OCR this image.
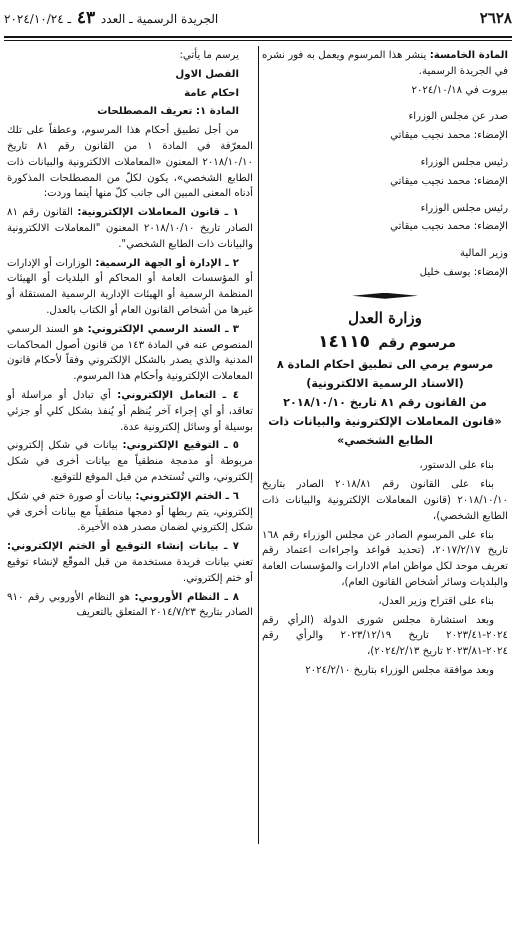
٢٦٢٨
الجريدة الرسمية ـ العدد ٤٣ ـ ٢٠٢٤/١٠/٢٤

المادة الخامسة: ينشر هذا المرسوم ويعمل به فور نشره في الجريدة الرسمية.

بيروت في ٢٠٢٤/١٠/١٨

صدر عن مجلس الوزراء

الإمضاء: محمد نجيب ميقاتي

رئيس مجلس الوزراء

الإمضاء: محمد نجيب ميقاتي

رئيس مجلس الوزراء

الإمضاء: محمد نجيب ميقاتي

وزير المالية

الإمضاء: يوسف خليل

وزارة العدل
مرسوم رقم ١٤١١٥
مرسوم يرمي الى تطبيق احكام المادة ٨
(الاسناد الرسمية الالكترونية)
من القانون رقم ٨١ تاريخ ٢٠١٨/١٠/١٠
«قانون المعاملات الإلكترونية والبيانات ذات
الطابع الشخصي»

بناء على الدستور،

بناء على القانون رقم ٢٠١٨/٨١ الصادر بتاريخ ٢٠١٨/١٠/١٠ (قانون المعاملات الإلكترونية والبيانات ذات الطابع الشخصي)،

بناء على المرسوم الصادر عن مجلس الوزراء رقم ١٦٨ تاريخ ٢٠١٧/٢/١٧، (تحديد قواعد واجراءات اعتماد رقم تعريف موحد لكل مواطن امام الادارات والمؤسسات العامة والبلديات وسائر أشخاص القانون العام)،

بناء على اقتراح وزير العدل،

وبعد استشارة مجلس شورى الدولة (الرأي رقم ٢٠٢٤-٢٠٢٣/٤١ تاريخ ٢٠٢٣/١٢/١٩ والرأي رقم ٢٠٢٤-٢٠٢٣/٨١ تاريخ ٢٠٢٤/٢/١٣)،

وبعد موافقة مجلس الوزراء بتاريخ ٢٠٢٤/٢/١٠

يرسم ما يأتي:

الفصل الاول

احكام عامة

المادة ١: تعريف المصطلحات

من أجل تطبيق أحكام هذا المرسوم، وعطفاً على تلك المعرّفة في المادة ١ من القانون رقم ٨١ تاريخ ٢٠١٨/١٠/١٠ المعنون «المعاملات الالكترونية والبيانات ذات الطابع الشخصي»، يكون لكلّ من المصطلحات المذكورة أدناه المعنى المبين الى جانب كلّ منها أينما وردت:

١ ـ قانون المعاملات الإلكترونية: القانون رقم ٨١ الصادر تاريخ ٢٠١٨/١٠/١٠ المعنون "المعاملات الالكترونية والبيانات ذات الطابع الشخصي".

٢ ـ الإدارة أو الجهة الرسمية: الوزارات أو الإدارات أو المؤسسات العامة أو المحاكم أو البلديات أو الهيئات المنظمة الرسمية أو الهيئات الإدارية الرسمية المستقلة أو غيرها من أشخاص القانون العام أو الكتاب بالعدل.

٣ ـ السند الرسمي الإلكتروني: هو السند الرسمي المنصوص عنه في المادة ١٤٣ من قانون أصول المحاكمات المدنية والذي يصدر بالشكل الإلكتروني وفقاً لأحكام قانون المعاملات الإلكترونية وأحكام هذا المرسوم.

٤ ـ التعامل الإلكتروني: أي تبادل أو مراسلة أو تعاقد، أو أي إجراء آخر يُنظم أو يُنفذ بشكل كلي أو جزئي بوسيلة أو وسائل إلكترونية عدة.

٥ ـ التوقيع الإلكتروني: بيانات في شكل إلكتروني مربوطة أو مدمجة منطقياً مع بيانات أخرى في شكل إلكتروني، والتي تُستخدم من قبل الموقع للتوقيع.

٦ ـ الختم الإلكتروني: بيانات أو صورة ختم في شكل إلكتروني، يتم ربطها أو دمجها منطقياً مع بيانات أخرى في شكل إلكتروني لضمان مصدر هذه الأخيرة.

٧ ـ بيانات إنشاء التوقيع أو الختم الإلكتروني: تعني بيانات فريدة مستخدمة من قبل الموقّع لإنشاء توقيع أو ختم إلكتروني.

٨ ـ النظام الأوروبي: هو النظام الأوروبي رقم ٩١٠ الصادر بتاريخ ٢٠١٤/٧/٢٣ المتعلق بالتعريف
